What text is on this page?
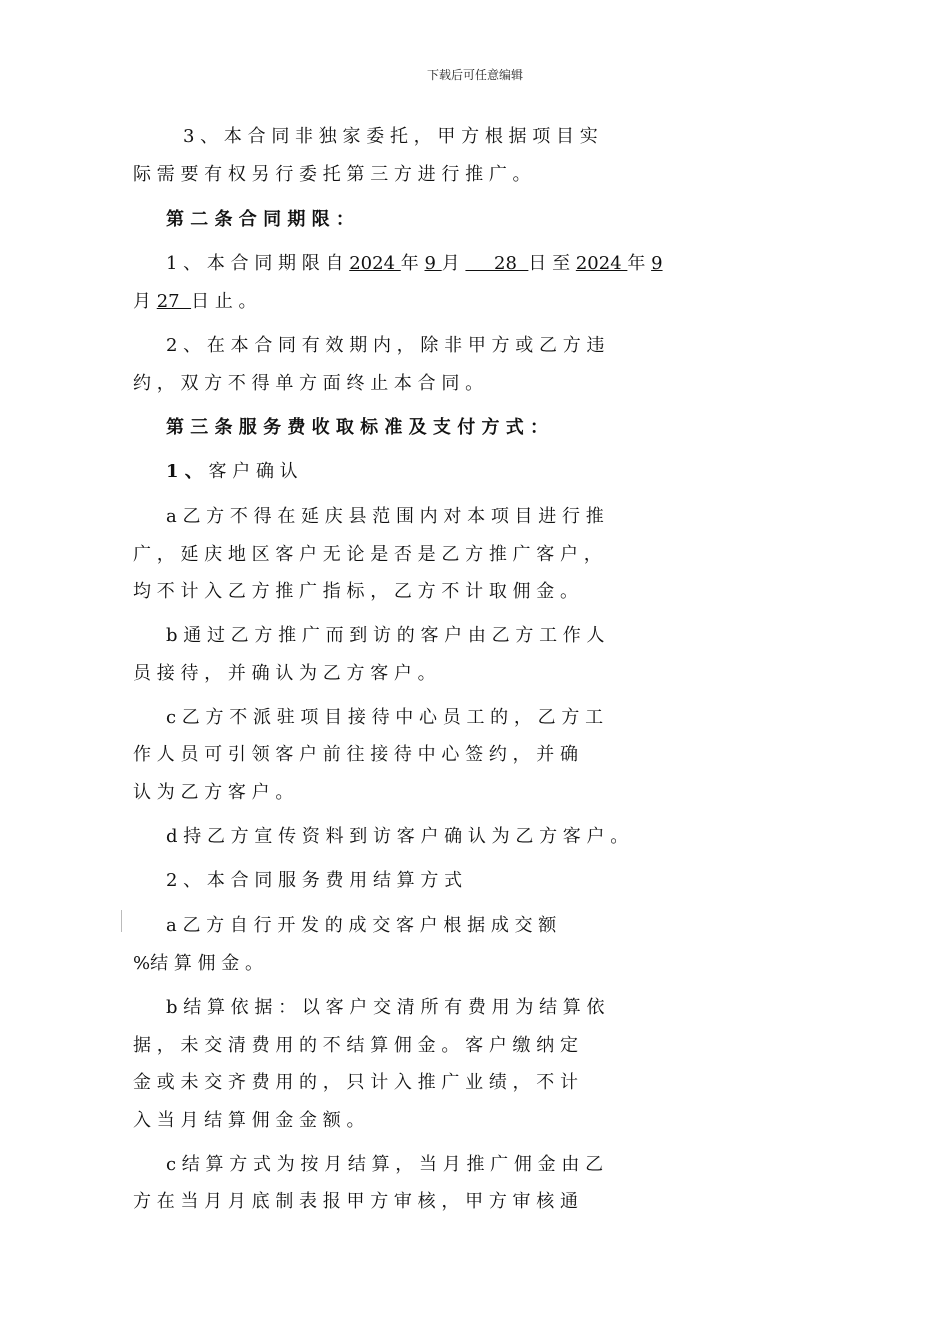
下载后可任意编辑
3 、 本 合 同 非 独 家 委 托 ， 甲 方 根 据 项 目 实
际 需 要 有 权 另 行 委 托 第 三 方 进 行 推 广 。
第 二 条 合 同 期 限 ：
1 、 本 合 同 期 限 自 2024 年 9 月      28  日 至 2024 年 9
月 27  日 止 。
2 、 在 本 合 同 有 效 期 内 ， 除 非 甲 方 或 乙 方 违
约 ， 双 方 不 得 单 方 面 终 止 本 合 同 。
第 三 条 服 务 费 收 取 标 准 及 支 付 方 式 ：
1 、 客 户 确 认
a 乙 方 不 得 在 延 庆 县 范 围 内 对 本 项 目 进 行 推
广 ， 延 庆 地 区 客 户 无 论 是 否 是 乙 方 推 广 客 户 ，
均 不 计 入 乙 方 推 广 指 标 ， 乙 方 不 计 取 佣 金 。
b 通 过 乙 方 推 广 而 到 访 的 客 户 由 乙 方 工 作 人
员 接 待 ， 并 确 认 为 乙 方 客 户 。
c 乙 方 不 派 驻 项 目 接 待 中 心 员 工 的 ， 乙 方 工
作 人 员 可 引 领 客 户 前 往 接 待 中 心 签 约 ， 并 确
认 为 乙 方 客 户 。
d 持 乙 方 宣 传 资 料 到 访 客 户 确 认 为 乙 方 客 户 。
2 、 本 合 同 服 务 费 用 结 算 方 式
a 乙 方 自 行 开 发 的 成 交 客 户 根 据 成 交 额
%结 算 佣 金 。
b 结 算 依 据 ： 以 客 户 交 清 所 有 费 用 为 结 算 依
据 ， 未 交 清 费 用 的 不 结 算 佣 金 。 客 户 缴 纳 定
金 或 未 交 齐 费 用 的 ， 只 计 入 推 广 业 绩 ， 不 计
入 当 月 结 算 佣 金 金 额 。
c 结 算 方 式 为 按 月 结 算 ， 当 月 推 广 佣 金 由 乙
方 在 当 月 月 底 制 表 报 甲 方 审 核 ， 甲 方 审 核 通
